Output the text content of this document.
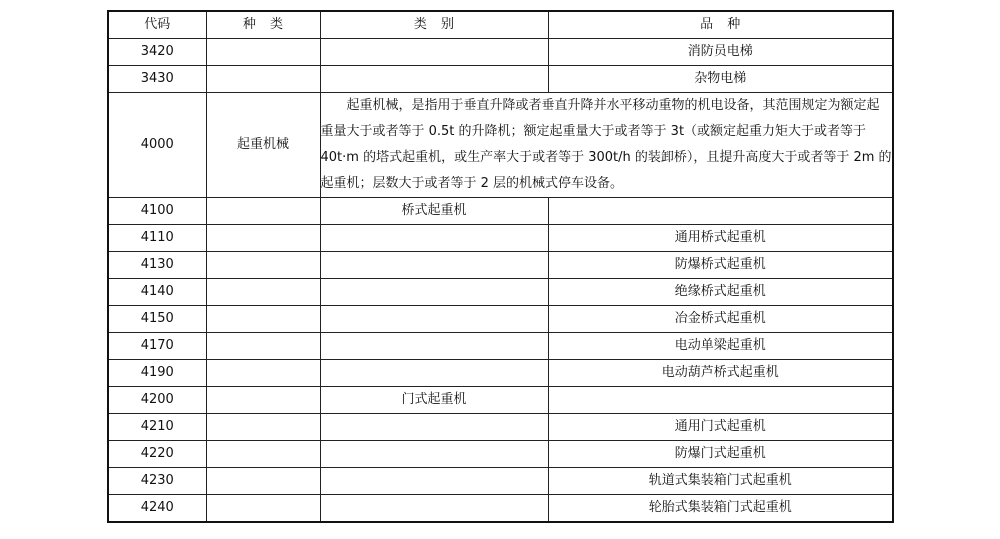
代码	种 类	类 别	品 种
3420			消防员电梯
3430			杂物电梯
4000	起重机械	起重机械，是指用于垂直升降或者垂直升降并水平移动重物的机电设备，其范围规定为额定起重量大于或者等于 0.5t 的升降机；额定起重量大于或者等于 3t（或额定起重力矩大于或者等于 40t·m 的塔式起重机，或生产率大于或者等于 300t/h 的装卸桥），且提升高度大于或者等于 2m 的起重机；层数大于或者等于 2 层的机械式停车设备。	
4100		桥式起重机	
4110			通用桥式起重机
4130			防爆桥式起重机
4140			绝缘桥式起重机
4150			冶金桥式起重机
4170			电动单梁起重机
4190			电动葫芦桥式起重机
4200		门式起重机	
4210			通用门式起重机
4220			防爆门式起重机
4230			轨道式集装箱门式起重机
4240			轮胎式集装箱门式起重机
